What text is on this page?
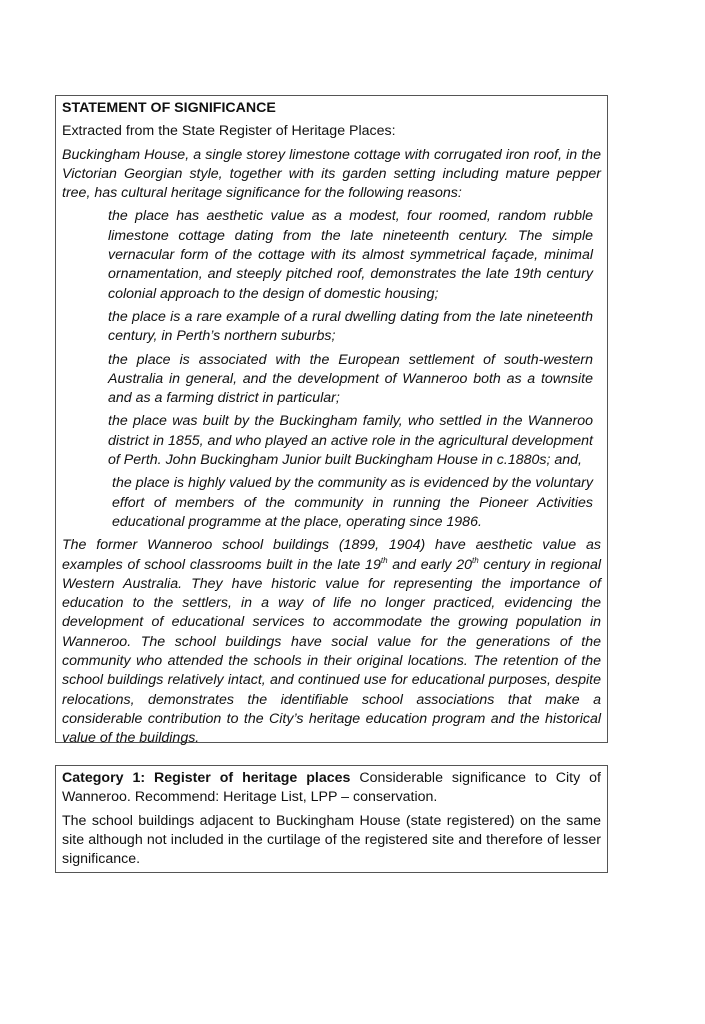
STATEMENT OF SIGNIFICANCE

Extracted from the State Register of Heritage Places:

Buckingham House, a single storey limestone cottage with corrugated iron roof, in the Victorian Georgian style, together with its garden setting including mature pepper tree, has cultural heritage significance for the following reasons:

the place has aesthetic value as a modest, four roomed, random rubble limestone cottage dating from the late nineteenth century. The simple vernacular form of the cottage with its almost symmetrical façade, minimal ornamentation, and steeply pitched roof, demonstrates the late 19th century colonial approach to the design of domestic housing;

the place is a rare example of a rural dwelling dating from the late nineteenth century, in Perth’s northern suburbs;

the place is associated with the European settlement of south-western Australia in general, and the development of Wanneroo both as a townsite and as a farming district in particular;

the place was built by the Buckingham family, who settled in the Wanneroo district in 1855, and who played an active role in the agricultural development of Perth. John Buckingham Junior built Buckingham House in c.1880s; and,

the place is highly valued by the community as is evidenced by the voluntary effort of members of the community in running the Pioneer Activities educational programme at the place, operating since 1986.

The former Wanneroo school buildings (1899, 1904) have aesthetic value as examples of school classrooms built in the late 19th and early 20th century in regional Western Australia. They have historic value for representing the importance of education to the settlers, in a way of life no longer practiced, evidencing the development of educational services to accommodate the growing population in Wanneroo. The school buildings have social value for the generations of the community who attended the schools in their original locations. The retention of the school buildings relatively intact, and continued use for educational purposes, despite relocations, demonstrates the identifiable school associations that make a considerable contribution to the City’s heritage education program and the historical value of the buildings.

Category 1: Register of heritage places Considerable significance to City of Wanneroo. Recommend: Heritage List, LPP – conservation.

The school buildings adjacent to Buckingham House (state registered) on the same site although not included in the curtilage of the registered site and therefore of lesser significance.
